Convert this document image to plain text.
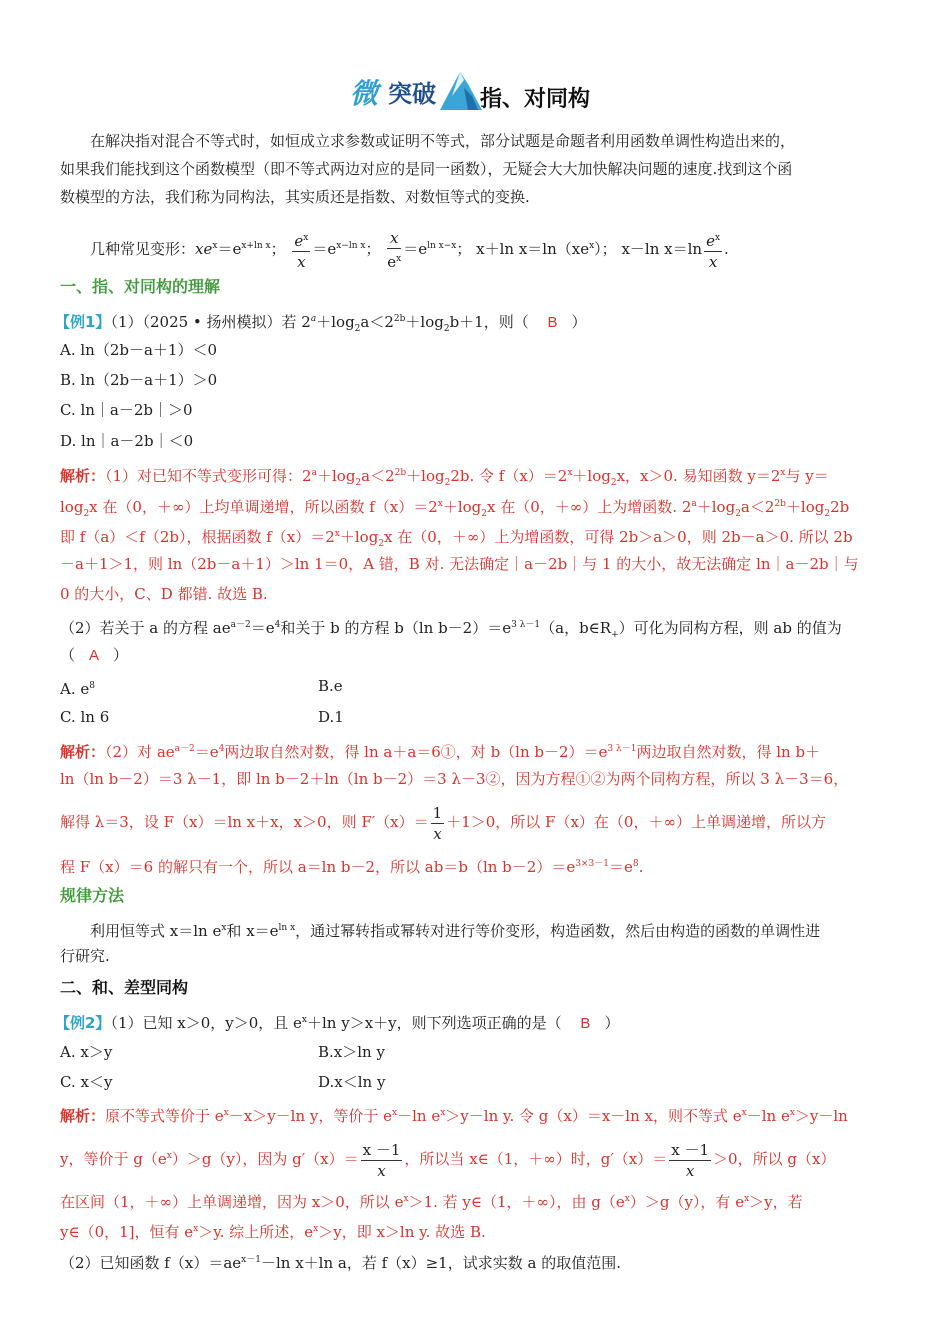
微 突破 指、对同构
在解决指对混合不等式时，如恒成立求参数或证明不等式，部分试题是命题者利用函数单调性构造出来的，
如果我们能找到这个函数模型（即不等式两边对应的是同一函数），无疑会大大加快解决问题的速度.找到这个函
数模型的方法，我们称为同构法，其实质还是指数、对数恒等式的变换.
几种常见变形：$xe^x=e^{x+ln x}$； $\frac{e^x}{x} =e^{x-ln x}$； $\frac{x}{e^x} =e^{ln x-x}$； x＋ln $x=\ln(xe^x)$； x－ln $x=\ln \frac{e^x}{x}$ .
一、指、对同构的理解
【例1】（1）（2025 • 扬州模拟）若 $2^a+\log_2a<2^{2b}+\log_2b+1$，则（ B ）
A. ln（2b－a＋1）＜0
B. ln（2b－a＋1）＞0
C. ln｜a－2b｜＞0
D. ln｜a－2b｜＜0
解析：（1）对已知不等式变形可得：$2^a+\log_2a<2^{2b}+\log_22b$. 令 $f(x)=2^x+\log_2x$，x＞0. 易知函数 $y=2^x$与 y＝
$\log_2x$ 在（0，＋∞）上均单调递增，所以函数 $f(x)=2^x+\log_2x$ 在（0，＋∞）上为增函数. $2^a+\log_2a<2^{2b}+\log_22b$
即 f（a）＜f（2b），根据函数 $f(x)=2^x+\log_2x$ 在（0，＋∞）上为增函数，可得 2b＞a＞0，则 2b－a＞0. 所以 2b
－a＋1＞1，则 ln（2b－a＋1）＞ln 1＝0，A 错，B 对. 无法确定｜a－2b｜与 1 的大小，故无法确定 ln｜a－2b｜与
0 的大小，C、D 都错. 故选 B.
（2）若关于 a 的方程 $ae^{a-2}=e^4$和关于 b 的方程 b（ln $b-2)=e^{3 \lambda-1}(a$，$b\in R_+$）可化为同构方程，则 ab 的值为
（ A ）
A. $e^8$	B.e
C. ln 6	D.1
解析：（2）对 $ae^{a-2}=e^4$两边取自然对数，得 ln a＋a＝6①，对 b（ln $b-2)=e^{3 \lambda-1}$两边取自然对数，得 ln b＋
ln（ln b－2）＝3 λ－1，即 ln b－2＋ln（ln b－2）＝3 λ－3②，因为方程①②为两个同构方程，所以 3 λ－3＝6，
解得 λ＝3，设 F（x）＝ln x＋x，x＞0，则 $F'(x)= \frac{1}{x} +1>0$，所以 F（x）在（0，＋∞）上单调递增，所以方
程 F（x）＝6 的解只有一个，所以 a＝ln b－2，所以 ab＝b（ln $b-2)=e^{3\times 3-1}=e^8$.
规律方法
利用恒等式 x＝ln $e^x$和 $x=e^{ln x}$，通过幂转指或幂转对进行等价变形，构造函数，然后由构造的函数的单调性进
行研究.
二、和、差型同构
【例2】（1）已知 x＞0，y＞0，且 $e^x+\ln$ y＞x＋y，则下列选项正确的是（ B ）
A. x＞y	B.x＞ln y
C. x＜y	D.x＜ln y
解析：原不等式等价于 $e^x-x>y-\ln$ y，等价于 $e^x-\ln$ $e^x>y-\ln$ y. 令 g（x）＝x－ln x，则不等式 $e^x-\ln$ $e^x>y-\ln$
y，等价于 $g(e^x)>g(y)$，因为 $g'(x)= \frac{x -1}{x}$ ，所以当 x∈（1，＋∞）时，$g'(x)= \frac{x -1}{x} >0$，所以 g（x）
在区间（1，＋∞）上单调递增，因为 x＞0，所以 $e^x>1$. 若 y∈（1，＋∞），由 $g(e^x)>g(y)$，有 $e^x>y$，若
y∈（0，1]，恒有 $e^x>y$. 综上所述，$e^x>y$，即 x＞ln y. 故选 B.
（2）已知函数 $f(x)=ae^{x-1}-\ln$ x＋ln a，若 f（x）≥1，试求实数 a 的取值范围.
